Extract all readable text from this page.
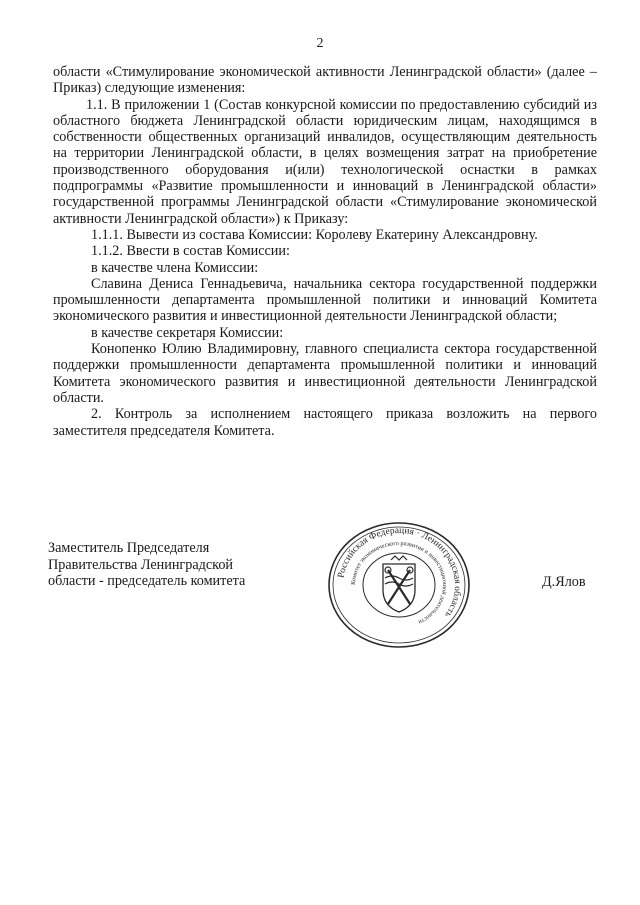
2

области «Стимулирование экономической активности Ленинградской области» (далее –Приказ) следующие изменения:

1.1. В приложении 1 (Состав конкурсной комиссии по предоставлению субсидий из областного бюджета Ленинградской области юридическим лицам, находящимся в собственности общественных организаций инвалидов, осуществляющим деятельность на территории Ленинградской области, в целях возмещения затрат на приобретение производственного оборудования и(или) технологической оснастки в рамках подпрограммы «Развитие промышленности и инноваций в Ленинградской области» государственной программы Ленинградской области «Стимулирование экономической активности Ленинградской области») к Приказу:

1.1.1. Вывести из состава Комиссии: Королеву Екатерину Александровну.

1.1.2. Ввести в состав Комиссии:

в качестве члена Комиссии:

Славина Дениса Геннадьевича, начальника сектора государственной поддержки промышленности департамента промышленной политики и инноваций Комитета экономического развития и инвестиционной деятельности Ленинградской области;

в качестве секретаря Комиссии:

Конопенко Юлию Владимировну, главного специалиста сектора государственной поддержки промышленности департамента промышленной политики и инноваций Комитета экономического развития и инвестиционной деятельности Ленинградской области.

2. Контроль за исполнением настоящего приказа возложить на первого заместителя председателя Комитета.

Заместитель Председателя

Правительства Ленинградской

области - председатель комитета	Д.Ялов
Российская Федерация · Ленинградская область
Комитет экономического развития и инвестиционной деятельности
